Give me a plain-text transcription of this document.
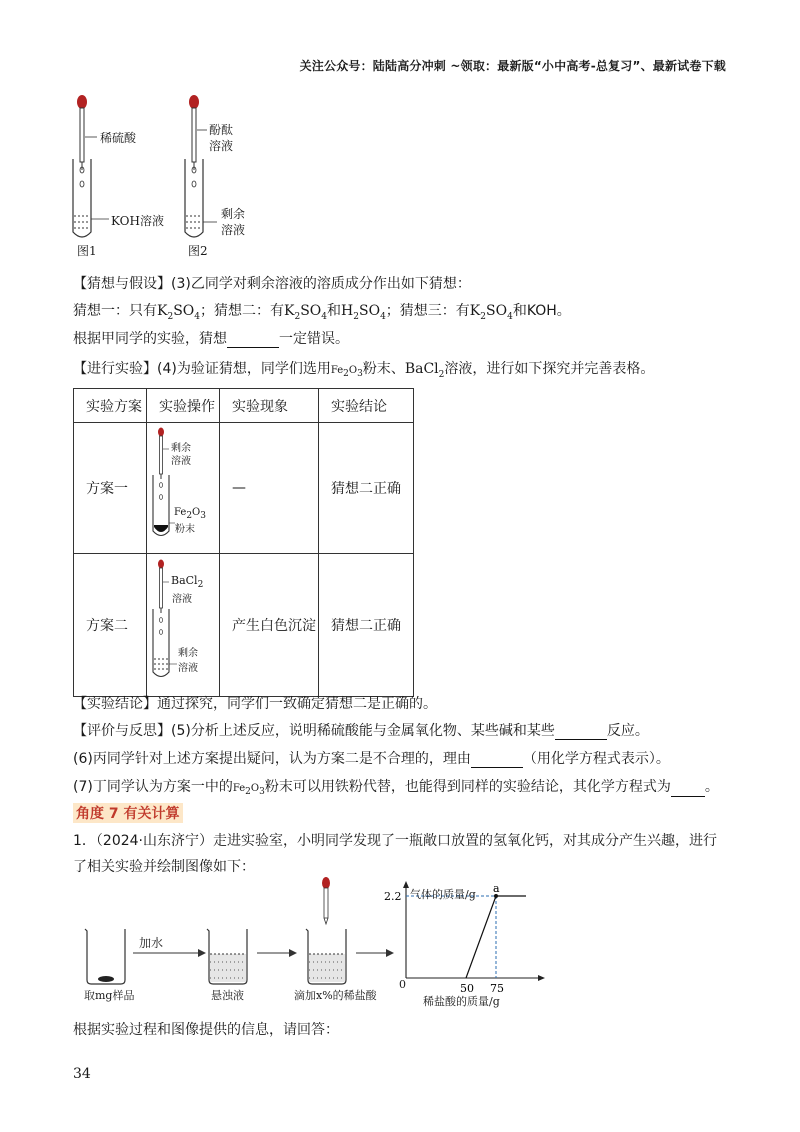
关注公众号：陆陆高分冲刺 ~领取：最新版“小中高考-总复习”、最新试卷下载
稀硫酸
KOH溶液
图1
酚酞
溶液
剩余
溶液
图2
【猜想与假设】(3)乙同学对剩余溶液的溶质成分作出如下猜想：
猜想一：只有$K_2SO_4$；猜想二：有$K_2SO_4$和$H_2SO_4$；猜想三：有$K_2SO_4$和KOH。
根据甲同学的实验，猜想	一定错误。
【进行实验】(4)为验证猜想，同学们选用$Fe_2O_3$粉末、BaCl$_2$溶液，进行如下探究并完善表格。
实验方案	实验操作	实验现象	实验结论
方案一	剩余
溶液
$Fe_2O_3$
粉末	—	猜想二正确
方案二	BaCl$_2$
溶液
剩余
溶液	产生白色沉淀	猜想二正确
【实验结论】通过探究，同学们一致确定猜想二是正确的。
【评价与反思】(5)分析上述反应，说明稀硫酸能与金属氧化物、某些碱和某些	反应。
(6)丙同学针对上述方案提出疑问，认为方案二是不合理的，理由	（用化学方程式表示）。
(7)丁同学认为方案一中的$Fe_2O_3$粉末可以用铁粉代替，也能得到同样的实验结论，其化学方程式为 。
角度 7 有关计算
1．（2024·山东济宁）走进实验室，小明同学发现了一瓶敞口放置的氢氧化钙，对其成分产生兴趣，进行
了相关实验并绘制图像如下：
加水
取mg样品	悬浊液	滴加x%的稀盐酸
a
2.2
50 75
气体的质量/g
稀盐酸的质量/g
0
根据实验过程和图像提供的信息，请回答：
34
